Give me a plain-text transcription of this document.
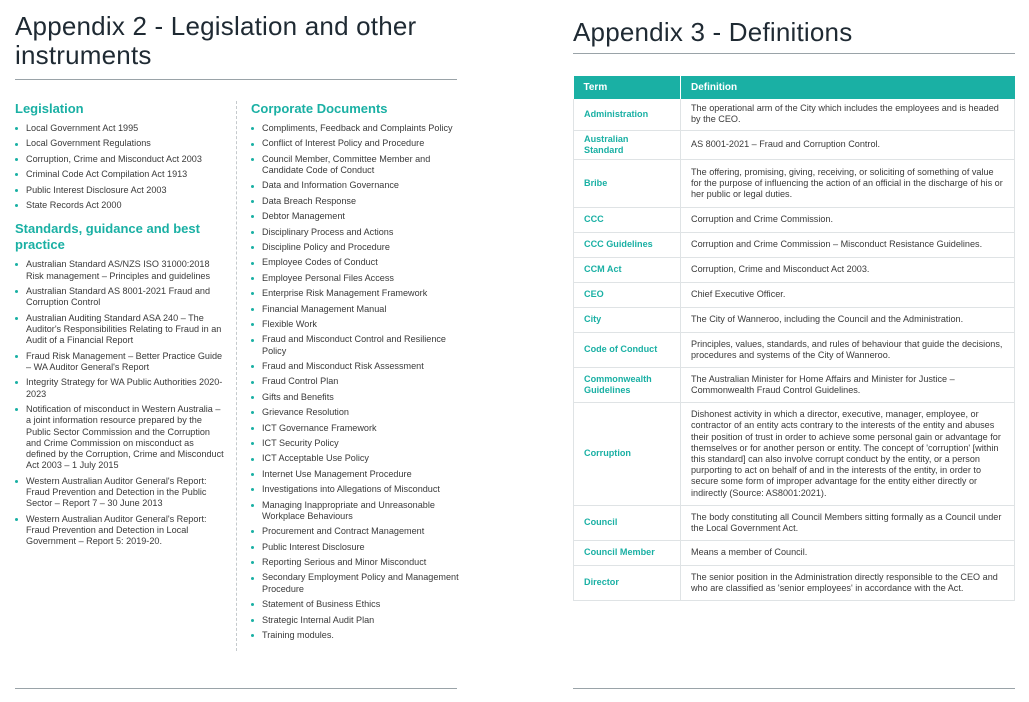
Appendix 2 - Legislation and other instruments
Legislation
Local Government Act 1995
Local Government Regulations
Corruption, Crime and Misconduct Act 2003
Criminal Code Act Compilation Act 1913
Public Interest Disclosure Act 2003
State Records Act 2000
Standards, guidance and best practice
Australian Standard AS/NZS ISO 31000:2018 Risk management – Principles and guidelines
Australian Standard AS 8001-2021 Fraud and Corruption Control
Australian Auditing Standard ASA 240 – The Auditor's Responsibilities Relating to Fraud in an Audit of a Financial Report
Fraud Risk Management – Better Practice Guide – WA Auditor General's Report
Integrity Strategy for WA Public Authorities 2020-2023
Notification of misconduct in Western Australia – a joint information resource prepared by the Public Sector Commission and the Corruption and Crime Commission on misconduct as defined by the Corruption, Crime and Misconduct Act 2003 – 1 July 2015
Western Australian Auditor General's Report: Fraud Prevention and Detection in the Public Sector – Report 7 – 30 June 2013
Western Australian Auditor General's Report: Fraud Prevention and Detection in Local Government – Report 5: 2019-20.
Corporate Documents
Compliments, Feedback and Complaints Policy
Conflict of Interest Policy and Procedure
Council Member, Committee Member and Candidate Code of Conduct
Data and Information Governance
Data Breach Response
Debtor Management
Disciplinary Process and Actions
Discipline Policy and Procedure
Employee Codes of Conduct
Employee Personal Files Access
Enterprise Risk Management Framework
Financial Management Manual
Flexible Work
Fraud and Misconduct Control and Resilience Policy
Fraud and Misconduct Risk Assessment
Fraud Control Plan
Gifts and Benefits
Grievance Resolution
ICT Governance Framework
ICT Security Policy
ICT Acceptable Use Policy
Internet Use Management Procedure
Investigations into Allegations of Misconduct
Managing Inappropriate and Unreasonable Workplace Behaviours
Procurement and Contract Management
Public Interest Disclosure
Reporting Serious and Minor Misconduct
Secondary Employment Policy and Management Procedure
Statement of Business Ethics
Strategic Internal Audit Plan
Training modules.
Appendix 3 - Definitions
Term	Definition
Administration	The operational arm of the City which includes the employees and is headed by the CEO.
Australian Standard	AS 8001-2021 – Fraud and Corruption Control.
Bribe	The offering, promising, giving, receiving, or soliciting of something of value for the purpose of influencing the action of an official in the discharge of his or her public or legal duties.
CCC	Corruption and Crime Commission.
CCC Guidelines	Corruption and Crime Commission – Misconduct Resistance Guidelines.
CCM Act	Corruption, Crime and Misconduct Act 2003.
CEO	Chief Executive Officer.
City	The City of Wanneroo, including the Council and the Administration.
Code of Conduct	Principles, values, standards, and rules of behaviour that guide the decisions, procedures and systems of the City of Wanneroo.
Commonwealth Guidelines	The Australian Minister for Home Affairs and Minister for Justice – Commonwealth Fraud Control Guidelines.
Corruption	Dishonest activity in which a director, executive, manager, employee, or contractor of an entity acts contrary to the interests of the entity and abuses their position of trust in order to achieve some personal gain or advantage for themselves or for another person or entity. The concept of 'corruption' [within this standard] can also involve corrupt conduct by the entity, or a person purporting to act on behalf of and in the interests of the entity, in order to secure some form of improper advantage for the entity either directly or indirectly (Source: AS8001:2021).
Council	The body constituting all Council Members sitting formally as a Council under the Local Government Act.
Council Member	Means a member of Council.
Director	The senior position in the Administration directly responsible to the CEO and who are classified as 'senior employees' in accordance with the Act.
